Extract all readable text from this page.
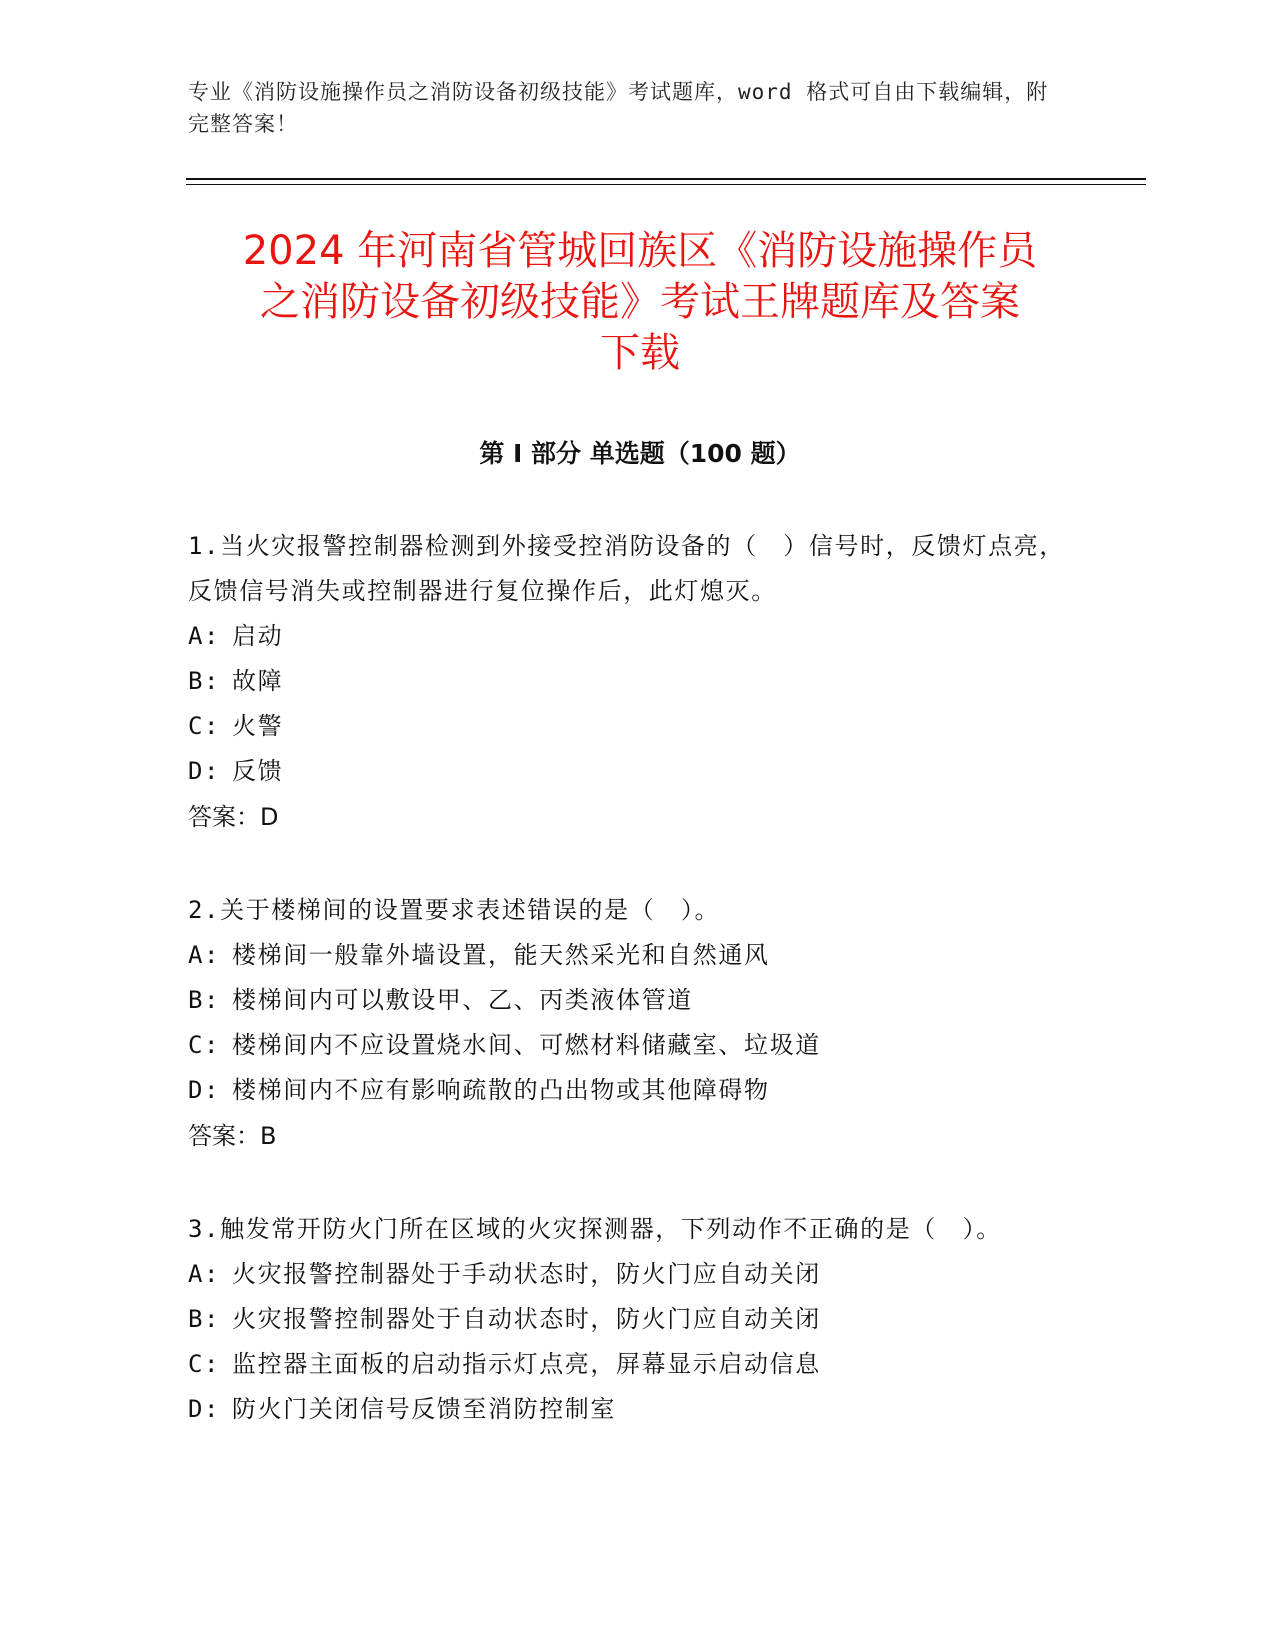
专业《消防设施操作员之消防设备初级技能》考试题库，word 格式可自由下载编辑，附完整答案！
2024 年河南省管城回族区《消防设施操作员
之消防设备初级技能》考试王牌题库及答案
下载
第 I 部分 单选题（100 题）

1.当火灾报警控制器检测到外接受控消防设备的（　）信号时，反馈灯点亮，反馈信号消失或控制器进行复位操作后，此灯熄灭。

A: 启动

B: 故障

C: 火警

D: 反馈

答案：D

2.关于楼梯间的设置要求表述错误的是（　）。

A: 楼梯间一般靠外墙设置，能天然采光和自然通风

B: 楼梯间内可以敷设甲、乙、丙类液体管道

C: 楼梯间内不应设置烧水间、可燃材料储藏室、垃圾道

D: 楼梯间内不应有影响疏散的凸出物或其他障碍物

答案：B

3.触发常开防火门所在区域的火灾探测器，下列动作不正确的是（　）。

A: 火灾报警控制器处于手动状态时，防火门应自动关闭

B: 火灾报警控制器处于自动状态时，防火门应自动关闭

C: 监控器主面板的启动指示灯点亮，屏幕显示启动信息

D: 防火门关闭信号反馈至消防控制室
